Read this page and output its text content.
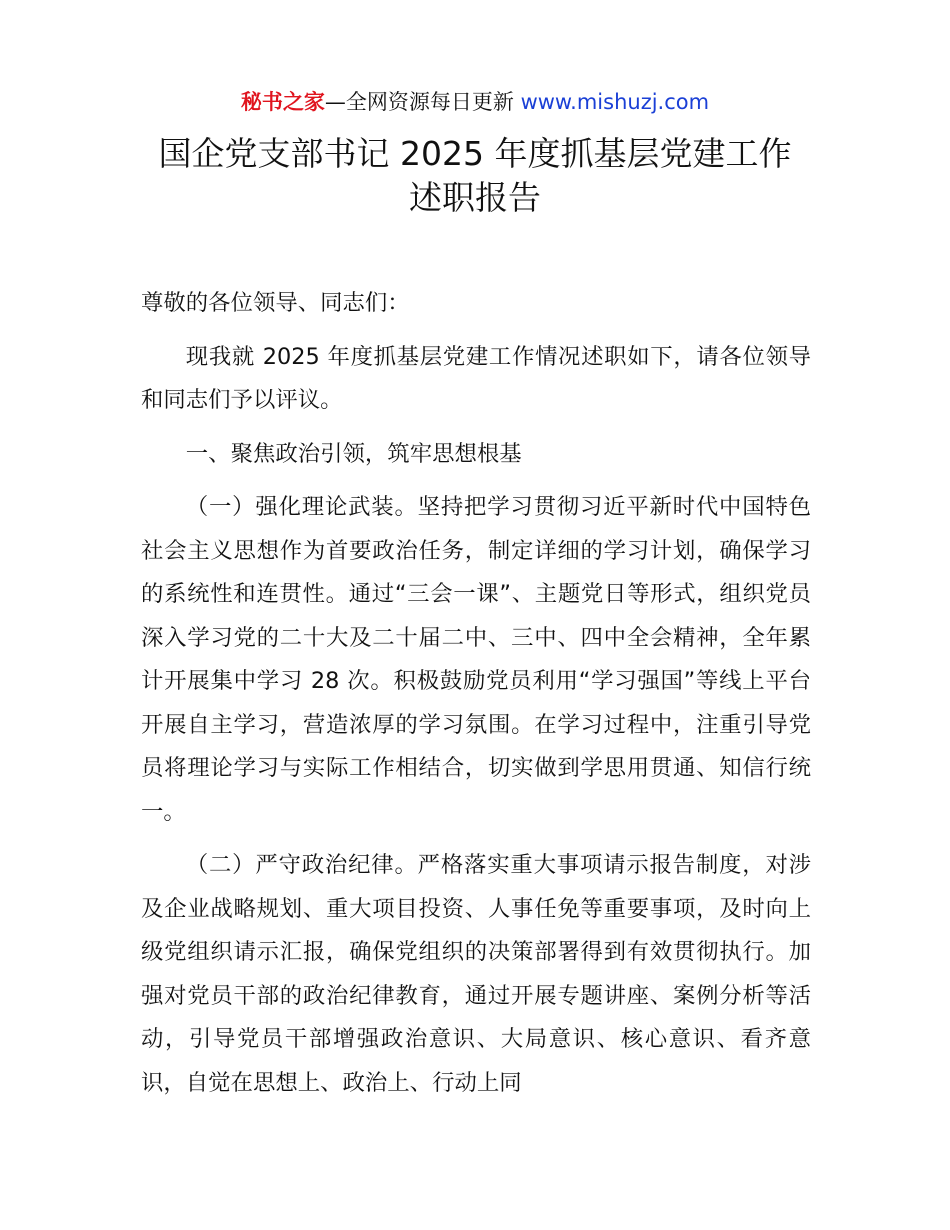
秘书之家—全网资源每日更新 www.mishuzj.com
国企党支部书记 2025 年度抓基层党建工作
述职报告

尊敬的各位领导、同志们：

现我就 2025 年度抓基层党建工作情况述职如下，请各位领导和同志们予以评议。

一、聚焦政治引领，筑牢思想根基

（一）强化理论武装。坚持把学习贯彻习近平新时代中国特色社会主义思想作为首要政治任务，制定详细的学习计划，确保学习的系统性和连贯性。通过“三会一课”、主题党日等形式，组织党员深入学习党的二十大及二十届二中、三中、四中全会精神，全年累计开展集中学习 28 次。积极鼓励党员利用“学习强国”等线上平台开展自主学习，营造浓厚的学习氛围。在学习过程中，注重引导党员将理论学习与实际工作相结合，切实做到学思用贯通、知信行统一。

（二）严守政治纪律。严格落实重大事项请示报告制度，对涉及企业战略规划、重大项目投资、人事任免等重要事项，及时向上级党组织请示汇报，确保党组织的决策部署得到有效贯彻执行。加强对党员干部的政治纪律教育，通过开展专题讲座、案例分析等活动，引导党员干部增强政治意识、大局意识、核心意识、看齐意识，自觉在思想上、政治上、行动上同
